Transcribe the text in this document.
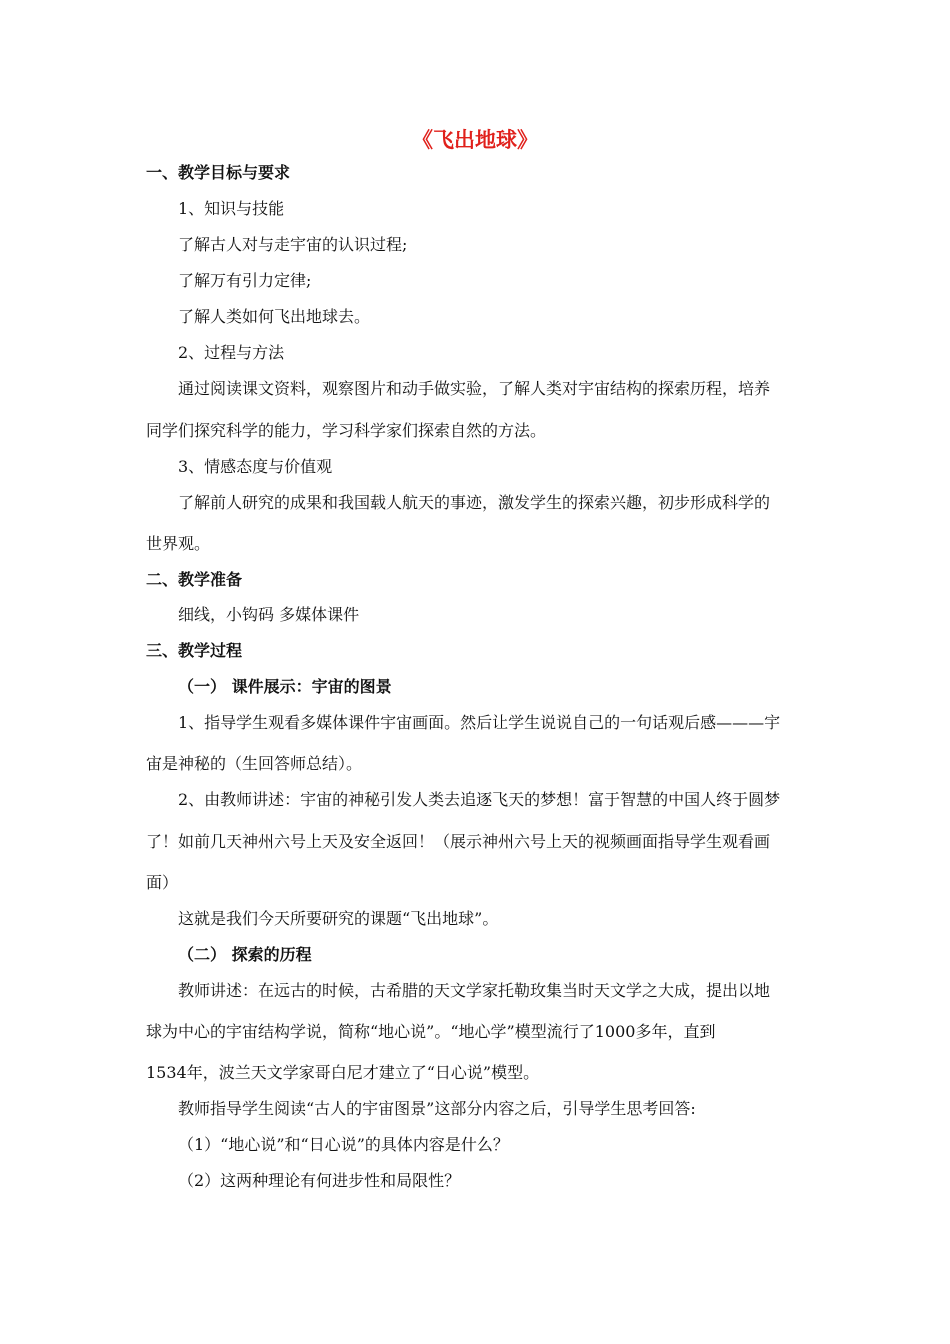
《飞出地球》
一、教学目标与要求
1、知识与技能
了解古人对与走宇宙的认识过程;
了解万有引力定律;
了解人类如何飞出地球去。
2、过程与方法
通过阅读课文资料，观察图片和动手做实验，了解人类对宇宙结构的探索历程，培养
同学们探究科学的能力，学习科学家们探索自然的方法。
3、情感态度与价值观
了解前人研究的成果和我国载人航天的事迹，激发学生的探索兴趣，初步形成科学的
世界观。
二、教学准备
细线，小钩码 多媒体课件
三、教学过程
（一） 课件展示：宇宙的图景
1、指导学生观看多媒体课件宇宙画面。然后让学生说说自己的一句话观后感———宇
宙是神秘的（生回答师总结）。
2、由教师讲述：宇宙的神秘引发人类去追逐飞天的梦想！富于智慧的中国人终于圆梦
了！如前几天神州六号上天及安全返回！（展示神州六号上天的视频画面指导学生观看画
面）
这就是我们今天所要研究的课题“飞出地球”。
（二） 探索的历程
教师讲述：在远古的时候，古希腊的天文学家托勒玫集当时天文学之大成，提出以地
球为中心的宇宙结构学说，简称“地心说”。“地心学”模型流行了1000多年，直到
1534年，波兰天文学家哥白尼才建立了“日心说”模型。
教师指导学生阅读“古人的宇宙图景”这部分内容之后，引导学生思考回答:
（1）“地心说”和“日心说”的具体内容是什么？
（2）这两种理论有何进步性和局限性？
